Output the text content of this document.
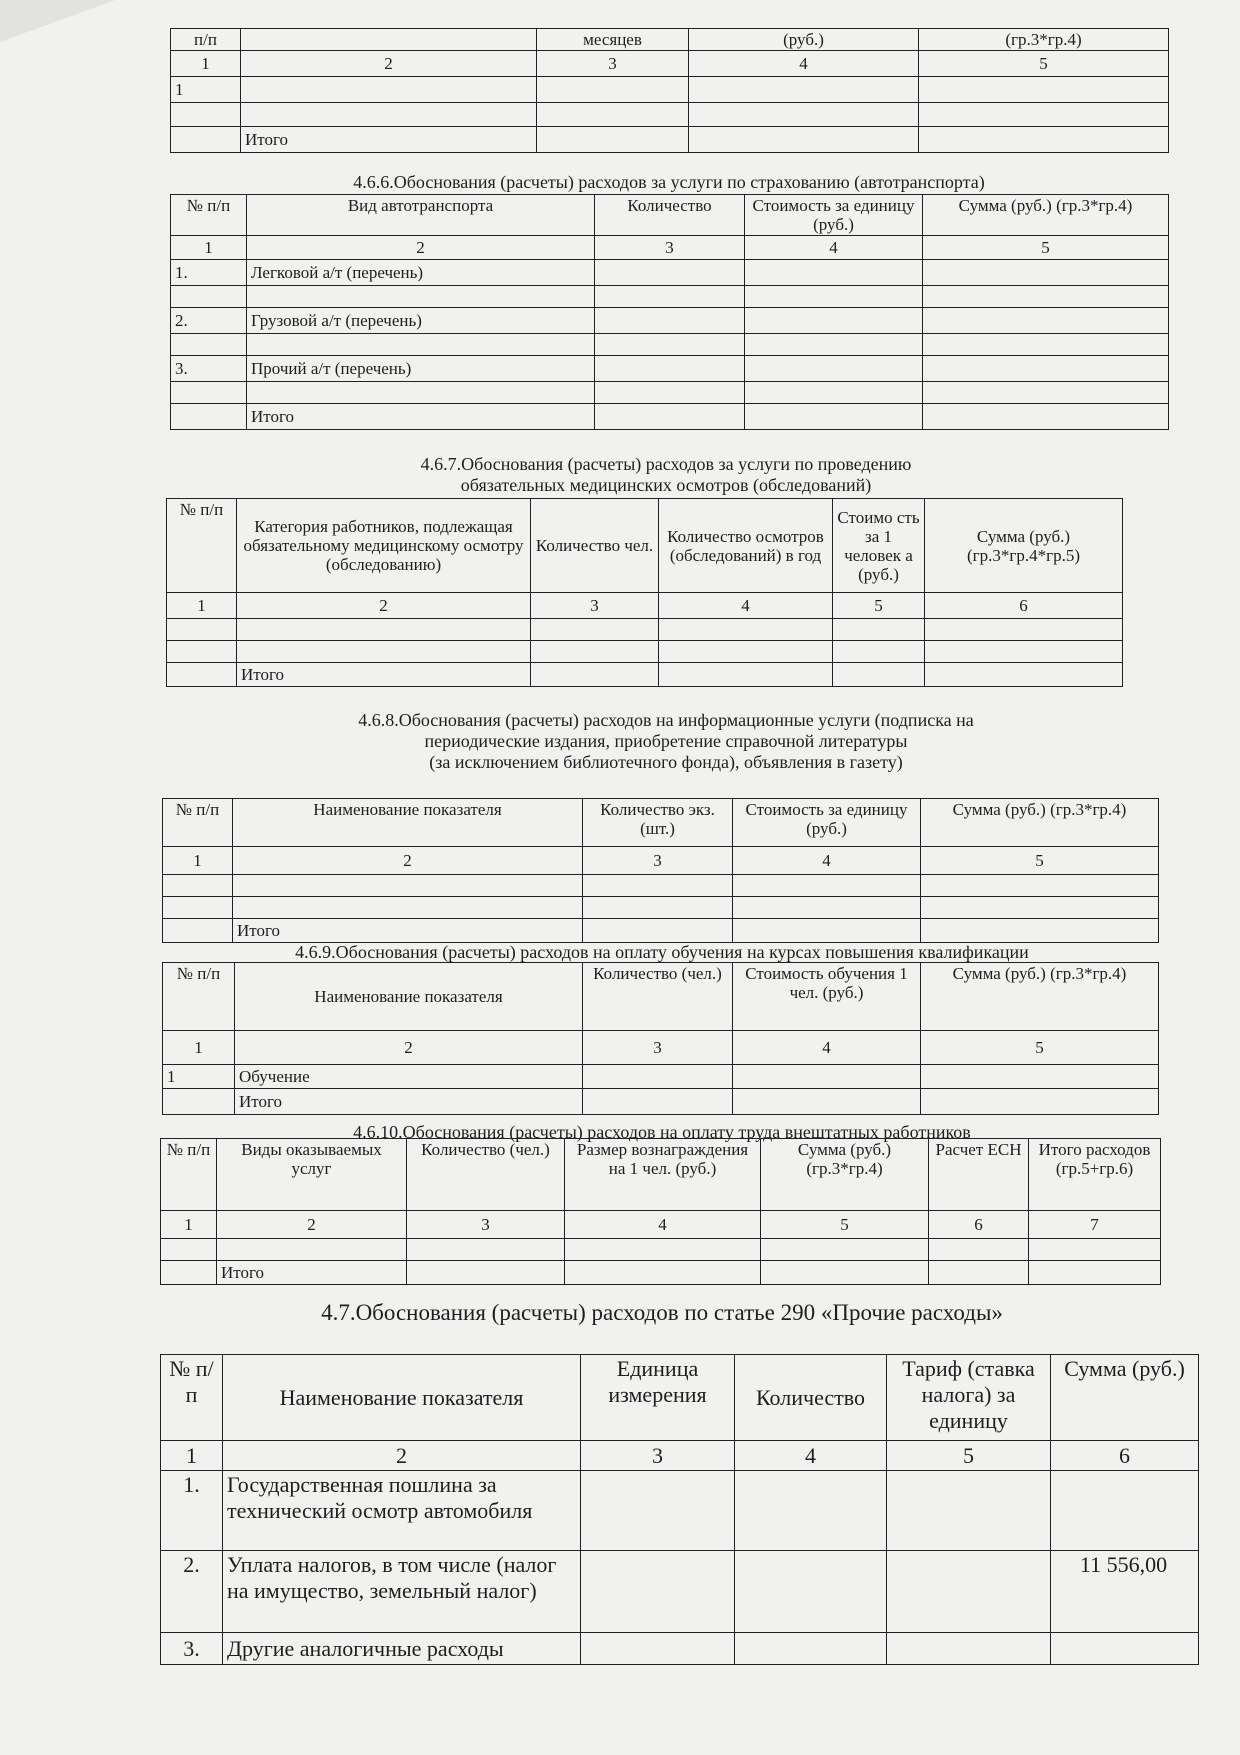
п/п		месяцев	(руб.)	(гр.3*гр.4)
1	2	3	4	5
1				

	Итого			
4.6.6.Обоснования (расчеты) расходов за услуги по страхованию (автотранспорта)
№ п/п	Вид автотранспорта	Количество	Стоимость за единицу (руб.)	Сумма (руб.) (гр.3*гр.4)
1	2	3	4	5
1.	Легковой а/т (перечень)			

2.	Грузовой а/т (перечень)			

3.	Прочий а/т (перечень)			

	Итого			
4.6.7.Обоснования (расчеты) расходов за услуги по проведению
обязательных медицинских осмотров (обследований)
№ п/п	Категория работников, подлежащая обязательному медицинскому осмотру (обследованию)	Количество чел.	Количество осмотров (обследований) в год	Стоимо сть за 1 человек а (руб.)	Сумма (руб.) (гр.3*гр.4*гр.5)
1	2	3	4	5	6

	Итого				
4.6.8.Обоснования (расчеты) расходов на информационные услуги (подписка на
периодические издания, приобретение справочной литературы
(за исключением библиотечного фонда), объявления в газету)
№ п/п	Наименование показателя	Количество экз. (шт.)	Стоимость за единицу (руб.)	Сумма (руб.) (гр.3*гр.4)
1	2	3	4	5

	Итого			
4.6.9.Обоснования (расчеты) расходов на оплату обучения на курсах повышения квалификации
№ п/п	Наименование показателя	Количество (чел.)	Стоимость обучения 1 чел. (руб.)	Сумма (руб.) (гр.3*гр.4)
1	2	3	4	5
1	Обучение			
	Итого			
4.6.10.Обоснования (расчеты) расходов на оплату труда внештатных работников
№ п/п	Виды оказываемых услуг	Количество (чел.)	Размер вознаграждения на 1 чел. (руб.)	Сумма (руб.) (гр.3*гр.4)	Расчет ЕСН	Итого расходов (гр.5+гр.6)
1	2	3	4	5	6	7

	Итого					
4.7.Обоснования (расчеты) расходов по статье 290 «Прочие расходы»
№ п/п	Наименование показателя	Единица измерения	Количество	Тариф (ставка налога) за единицу	Сумма (руб.)
1	2	3	4	5	6
1.	Государственная пошлина за технический осмотр автомобиля				
2.	Уплата налогов, в том числе (налог на имущество, земельный налог)				11 556,00
3.	Другие аналогичные расходы				
